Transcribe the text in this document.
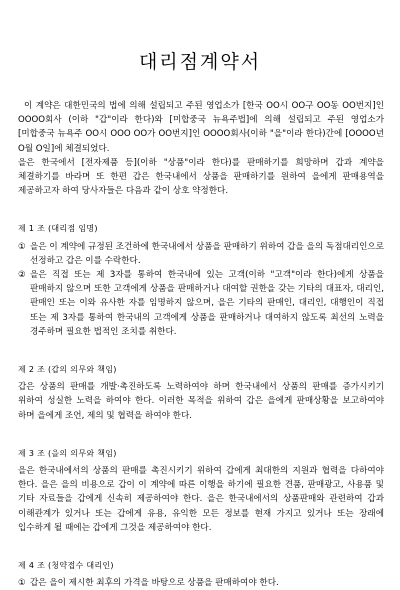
대리점계약서

이 계약은 대한민국의 법에 의해 설립되고 주된 영업소가 [한국 OO시 OO구 OO동 OO번지]인 OOOO회사 (이하 "갑"이라 한다)와 [미합중국 뉴욕주법]에 의해 설립되고 주된 영업소가 [미합중국 뉴욕주 OO시 OOO OO가 OO번지]인 OOOO회사(이하 "을"이라 한다)간에 [OOOO년 O월 O일]에 체결되었다.

을은 한국에서 [전자제품 등](이하 "상품"이라 한다)를 판매하기를 희망하며 갑과 계약을 체결하기를 바라며 또 한편 갑은 한국내에서 상품을 판매하기를 원하여 을에게 판매용역을 제공하고자 하여 당사자들은 다음과 같이 상호 약정한다.

제 1 조 (대리점 임명)

① 을은 이 계약에 규정된 조건하에 한국내에서 상품을 판매하기 위하여 갑을 을의 독점대리인으로 선정하고 갑은 이를 수락한다.
② 을은 직접 또는 제 3자를 통하여 한국내에 있는 고객(이하 "고객"이라 한다)에게 상품을 판매하지 않으며 또한 고객에게 상품을 판매하거나 대여할 권한을 갖는 기타의 대표자, 대리인, 판매인 또는 이와 유사한 자를 임명하지 않으며, 을은 기타의 판매인, 대리인, 대행인이 직접 또는 제 3자를 통하여 한국내의 고객에게 상품을 판매하거나 대여하지 않도록 최선의 노력을 경주하며 필요한 법적인 조치를 취한다.

제 2 조 (갑의 의무와 책임)

갑은 상품의 판매를 개발·촉진하도록 노력하여야 하며 한국내에서 상품의 판매를 증가시키기 위하여 성실한 노력을 하여야 한다. 이러한 목적을 위하여 갑은 을에게 판매상황을 보고하여야 하며 을에게 조언, 제의 및 협력을 하여야 한다.

제 3 조 (을의 의무와 책임)

을은 한국내에서의 상품의 판매를 촉진시키기 위하여 갑에게 최대한의 지원과 협력을 다하여야 한다. 을은 을의 비용으로 갑이 이 계약에 따른 이행을 하기에 필요한 견품, 판매광고, 사용품 및 기타 자료들을 갑에게 신속히 제공하여야 한다. 을은 한국내에서의 상품판매와 관련하여 갑과 이해관계가 있거나 또는 갑에게 유용, 유익한 모든 정보를 현재 가지고 있거나 또는 장래에 입수하게 될 때에는 갑에게 그것을 제공하여야 한다.

제 4 조 (청약접수 대리인)

① 갑은 을이 제시한 최후의 가격을 바탕으로 상품을 판매하여야 한다.
